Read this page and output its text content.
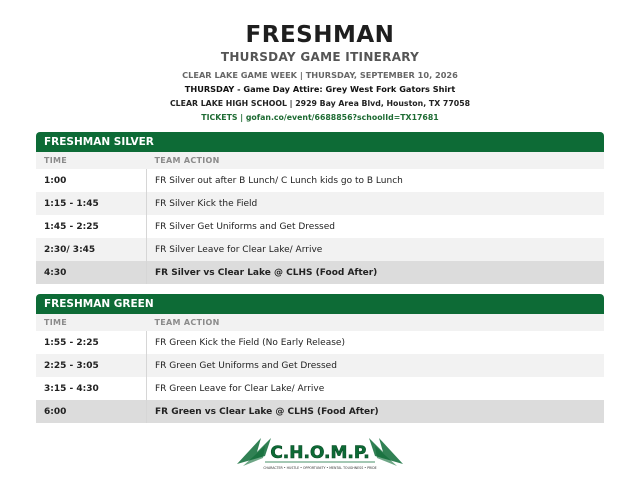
FRESHMAN
THURSDAY GAME ITINERARY
CLEAR LAKE GAME WEEK | THURSDAY, SEPTEMBER 10, 2026
THURSDAY - Game Day Attire: Grey West Fork Gators Shirt
CLEAR LAKE HIGH SCHOOL | 2929 Bay Area Blvd, Houston, TX 77058
TICKETS | gofan.co/event/6688856?schoolId=TX17681
FRESHMAN SILVER
TIME	TEAM ACTION
1:00	FR Silver out after B Lunch/ C Lunch kids go to B Lunch
1:15 - 1:45	FR Silver Kick the Field
1:45 - 2:25	FR Silver Get Uniforms and Get Dressed
2:30/ 3:45	FR Silver Leave for Clear Lake/ Arrive
4:30	FR Silver vs Clear Lake @ CLHS (Food After)
FRESHMAN GREEN
TIME	TEAM ACTION
1:55 - 2:25	FR Green Kick the Field (No Early Release)
2:25 - 3:05	FR Green Get Uniforms and Get Dressed
3:15 - 4:30	FR Green Leave for Clear Lake/ Arrive
6:00	FR Green vs Clear Lake @ CLHS (Food After)
C.H.O.M.P.
CHARACTER • HUSTLE • OPPORTUNITY • MENTAL TOUGHNESS • PRIDE
